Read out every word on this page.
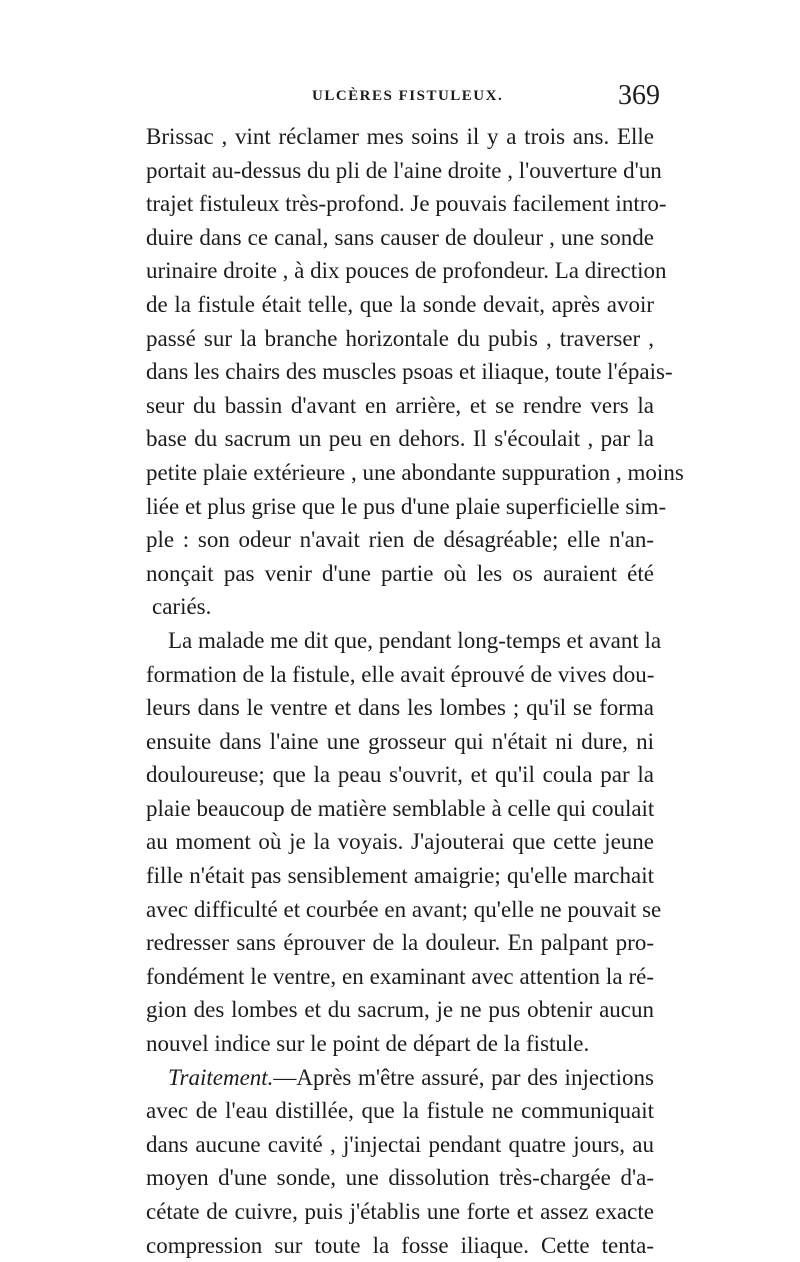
ULCÈRES FISTULEUX.	369
Brissac , vint réclamer mes soins il y a trois ans. Elle
portait au-dessus du pli de l'aine droite , l'ouverture d'un
trajet fistuleux très-profond. Je pouvais facilement intro-
duire dans ce canal, sans causer de douleur , une sonde
urinaire droite , à dix pouces de profondeur. La direction
de la fistule était telle, que la sonde devait, après avoir
passé sur la branche horizontale du pubis , traverser ,
dans les chairs des muscles psoas et iliaque, toute l'épais-
seur du bassin d'avant en arrière, et se rendre vers la
base du sacrum un peu en dehors. Il s'écoulait , par la
petite plaie extérieure , une abondante suppuration , moins
liée et plus grise que le pus d'une plaie superficielle sim-
ple : son odeur n'avait rien de désagréable; elle n'an-
nonçait pas venir d'une partie où les os auraient été
cariés.
La malade me dit que, pendant long-temps et avant la
formation de la fistule, elle avait éprouvé de vives dou-
leurs dans le ventre et dans les lombes ; qu'il se forma
ensuite dans l'aine une grosseur qui n'était ni dure, ni
douloureuse; que la peau s'ouvrit, et qu'il coula par la
plaie beaucoup de matière semblable à celle qui coulait
au moment où je la voyais. J'ajouterai que cette jeune
fille n'était pas sensiblement amaigrie; qu'elle marchait
avec difficulté et courbée en avant; qu'elle ne pouvait se
redresser sans éprouver de la douleur. En palpant pro-
fondément le ventre, en examinant avec attention la ré-
gion des lombes et du sacrum, je ne pus obtenir aucun
nouvel indice sur le point de départ de la fistule.
Traitement.—Après m'être assuré, par des injections
avec de l'eau distillée, que la fistule ne communiquait
dans aucune cavité , j'injectai pendant quatre jours, au
moyen d'une sonde, une dissolution très-chargée d'a-
cétate de cuivre, puis j'établis une forte et assez exacte
compression sur toute la fosse iliaque. Cette tenta-
